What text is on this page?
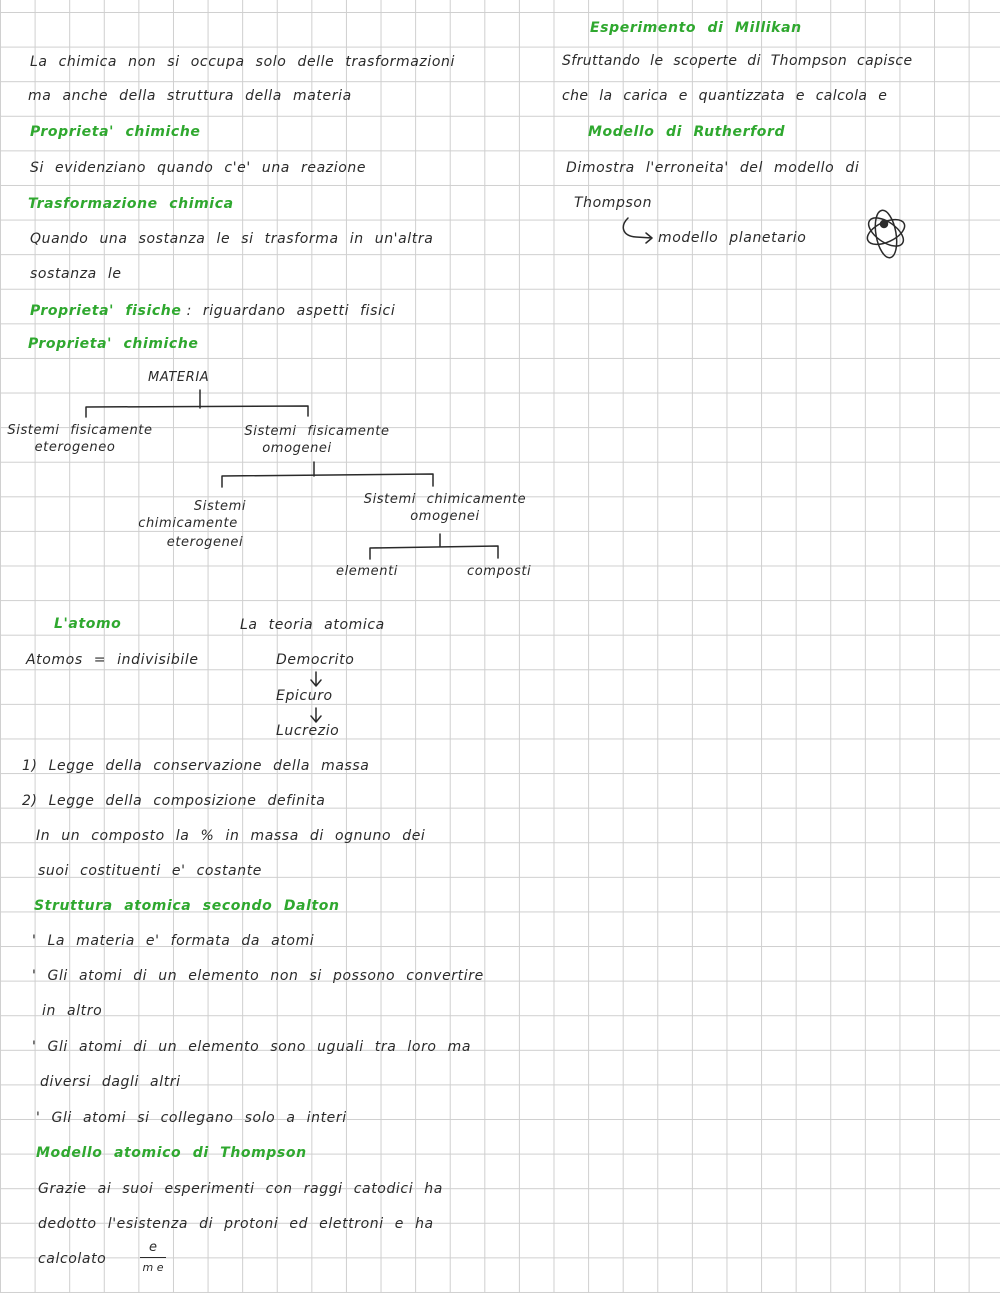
La chimica non si occupa solo delle trasformazioni
ma anche della struttura della materia
Proprieta' chimiche
Si evidenziano quando c'e' una reazione
Trasformazione chimica
Quando una sostanza le si trasforma in un'altra
sostanza le
Proprieta' fisiche : riguardano aspetti fisici
Proprieta' chimiche
MATERIA
Sistemi fisicamente
eterogeneo
Sistemi fisicamente
omogenei
Sistemi
chimicamente
eterogenei
Sistemi chimicamente
omogenei
elementi	composti
L'atomo	La teoria atomica
Atomos = indivisibile	Democrito
Epicuro
Lucrezio
1) Legge della conservazione della massa
2) Legge della composizione definita
In un composto la % in massa di ognuno dei
suoi costituenti e' costante
Struttura atomica secondo Dalton
' La materia e' formata da atomi
' Gli atomi di un elemento non si possono convertire
in altro
' Gli atomi di un elemento sono uguali tra loro ma
diversi dagli altri
' Gli atomi si collegano solo a interi
Modello atomico di Thompson
Grazie ai suoi esperimenti con raggi catodici ha
dedotto l'esistenza di protoni ed elettroni e ha
calcolato
e
m e
Esperimento di Millikan
Sfruttando le scoperte di Thompson capisce
che la carica e quantizzata e calcola e
Modello di Rutherford
Dimostra l'erroneita' del modello di
Thompson
modello planetario
